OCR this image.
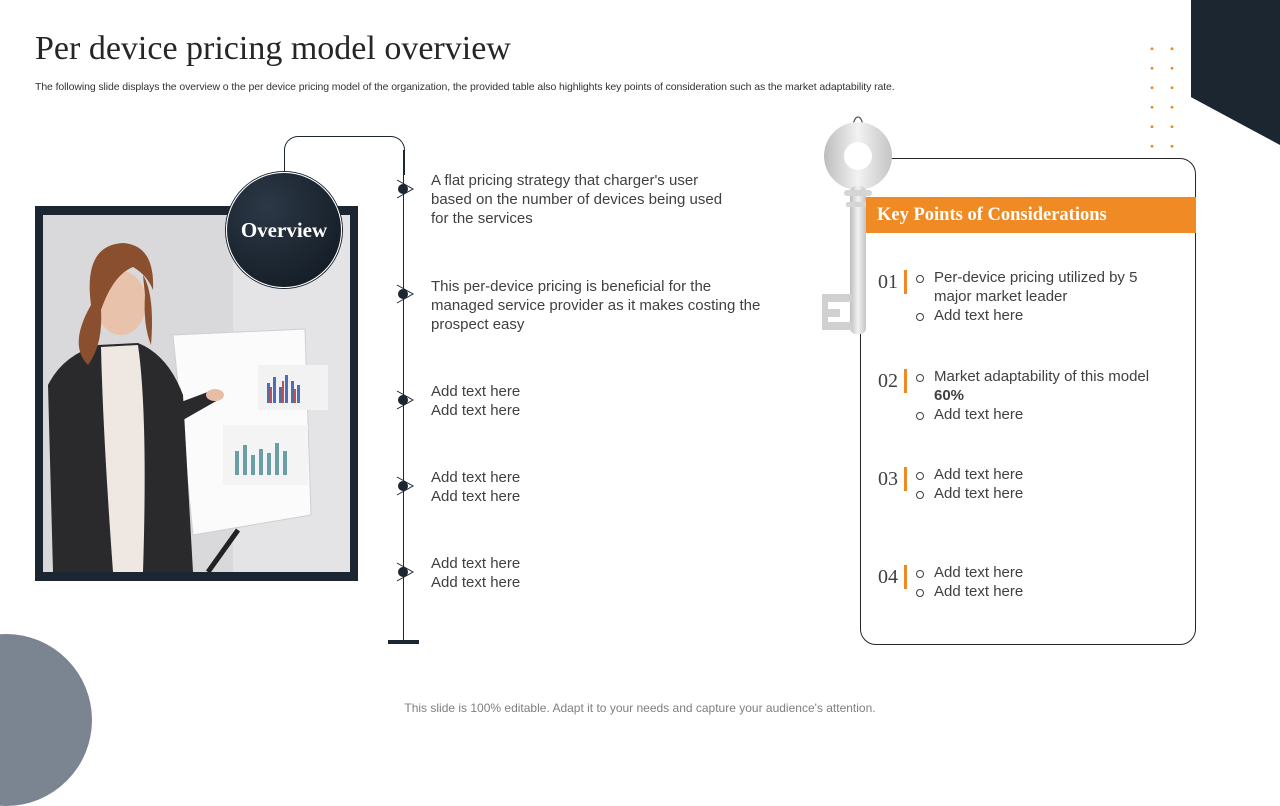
Per device pricing model overview
The following slide displays the overview o the per device pricing model of the organization, the provided table also highlights key points of consideration such as the market adaptability rate.
Overview
A flat pricing strategy that charger's user based on the number of devices being used for the services
This per-device pricing is beneficial for the managed service provider as it makes costing the prospect easy
Add text here
Add text here
Add text here
Add text here
Add text here
Add text here
Key Points of Considerations
01	Per-device pricing utilized by 5 major market leader
Add text here
02	Market adaptability of this model 60%
Add text here
03	Add text here
Add text here
04	Add text here
Add text here
This slide is 100% editable. Adapt it to your needs and capture your audience's attention.
